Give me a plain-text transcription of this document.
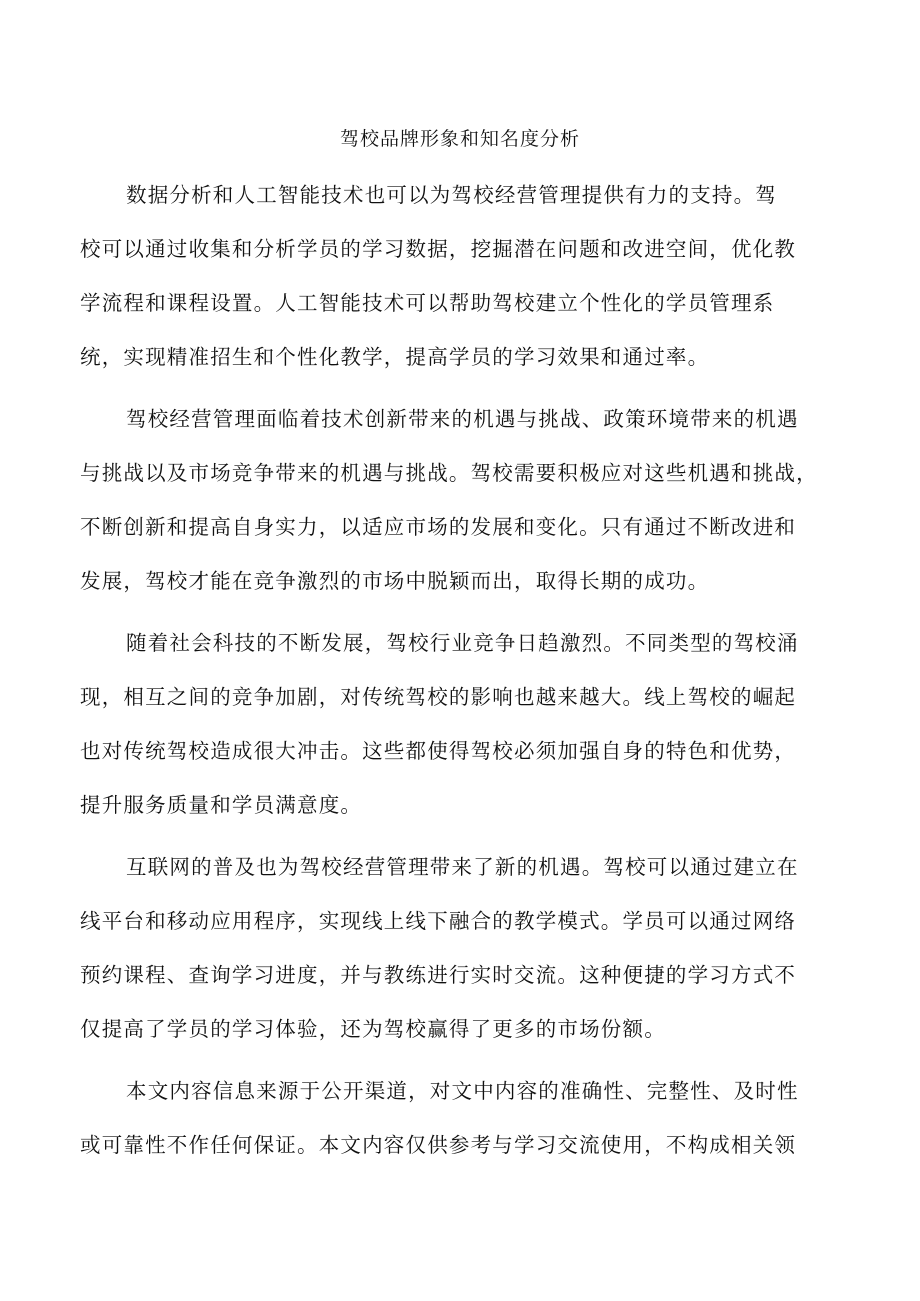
驾校品牌形象和知名度分析
数据分析和人工智能技术也可以为驾校经营管理提供有力的支持。驾
校可以通过收集和分析学员的学习数据，挖掘潜在问题和改进空间，优化教
学流程和课程设置。人工智能技术可以帮助驾校建立个性化的学员管理系
统，实现精准招生和个性化教学，提高学员的学习效果和通过率。
驾校经营管理面临着技术创新带来的机遇与挑战、政策环境带来的机遇
与挑战以及市场竞争带来的机遇与挑战。驾校需要积极应对这些机遇和挑战，
不断创新和提高自身实力，以适应市场的发展和变化。只有通过不断改进和
发展，驾校才能在竞争激烈的市场中脱颖而出，取得长期的成功。
随着社会科技的不断发展，驾校行业竞争日趋激烈。不同类型的驾校涌
现，相互之间的竞争加剧，对传统驾校的影响也越来越大。线上驾校的崛起
也对传统驾校造成很大冲击。这些都使得驾校必须加强自身的特色和优势，
提升服务质量和学员满意度。
互联网的普及也为驾校经营管理带来了新的机遇。驾校可以通过建立在
线平台和移动应用程序，实现线上线下融合的教学模式。学员可以通过网络
预约课程、查询学习进度，并与教练进行实时交流。这种便捷的学习方式不
仅提高了学员的学习体验，还为驾校赢得了更多的市场份额。
本文内容信息来源于公开渠道，对文中内容的准确性、完整性、及时性
或可靠性不作任何保证。本文内容仅供参考与学习交流使用，不构成相关领
